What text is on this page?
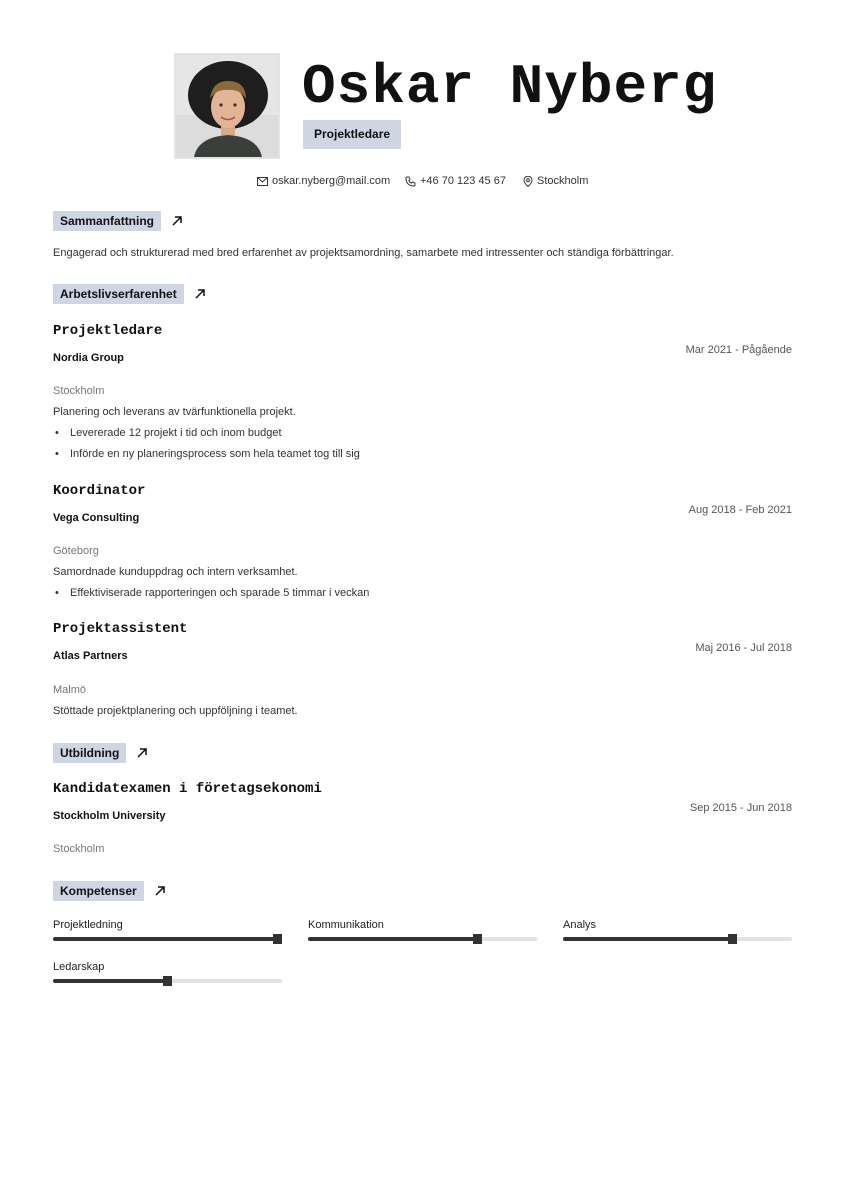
Oskar Nyberg
Projektledare
oskar.nyberg@mail.com	+46 70 123 45 67	Stockholm
Sammanfattning
Engagerad och strukturerad med bred erfarenhet av projektsamordning, samarbete med intressenter och ständiga förbättringar.
Arbetslivserfarenhet
Projektledare
Mar 2021 - Pågående
Nordia Group
Stockholm
Planering och leverans av tvärfunktionella projekt.
• Levererade 12 projekt i tid och inom budget
• Införde en ny planeringsprocess som hela teamet tog till sig
Koordinator
Aug 2018 - Feb 2021
Vega Consulting
Göteborg
Samordnade kunduppdrag och intern verksamhet.
• Effektiviserade rapporteringen och sparade 5 timmar i veckan
Projektassistent
Maj 2016 - Jul 2018
Atlas Partners
Malmö
Stöttade projektplanering och uppföljning i teamet.
Utbildning
Kandidatexamen i företagsekonomi
Sep 2015 - Jun 2018
Stockholm University
Stockholm
Kompetenser
Projektledning	Kommunikation	Analys
Ledarskap
